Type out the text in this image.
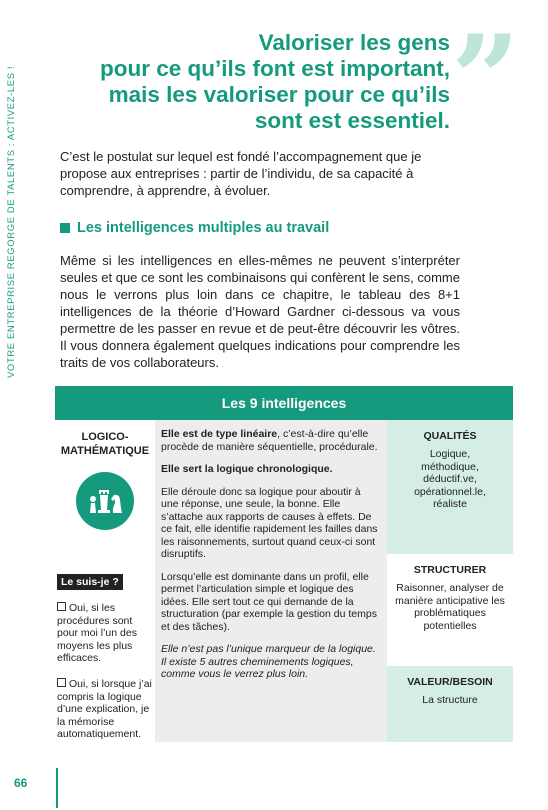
VOTRE ENTREPRISE REGORGE DE TALENTS : ACTIVEZ-LES !	”
Valoriser les gens
pour ce qu’ils font est important,
mais les valoriser pour ce qu’ils
sont est essentiel.
C’est le postulat sur lequel est fondé l’accompagnement que je propose aux entreprises : partir de l’individu, de sa capacité à comprendre, à apprendre, à évoluer.
Les intelligences multiples au travail
Même si les intelligences en elles-mêmes ne peuvent s’interpréter seules et que ce sont les combinaisons qui confèrent le sens, comme nous le verrons plus loin dans ce chapitre, le tableau des 8+1 intelligences de la théorie d’Howard Gardner ci-dessous va vous permettre de les passer en revue et de peut-être découvrir les vôtres. Il vous donnera également quelques indications pour comprendre les traits de vos collaborateurs.
Les 9 intelligences
LOGICO-
MATHÉMATIQUE
Le suis-je ?
Oui, si les procédures sont pour moi l’un des moyens les plus efficaces.
Oui, si lorsque j’ai compris la logique d’une explication, je la mémorise automatiquement.

Elle est de type linéaire, c’est-à-dire qu’elle procède de manière séquentielle, procédurale.

Elle sert la logique chronologique.

Elle déroule donc sa logique pour aboutir à une réponse, une seule, la bonne. Elle s’attache aux rapports de causes à effets. De ce fait, elle identifie rapidement les failles dans les raisonnements, surtout quand ceux-ci sont disruptifs.

Lorsqu’elle est dominante dans un profil, elle permet l’articulation simple et logique des idées. Elle sert tout ce qui demande de la structuration (par exemple la gestion du temps et des tâches).

Elle n’est pas l’unique marqueur de la logique. Il existe 5 autres cheminements logiques, comme vous le verrez plus loin.

QUALITÉS
Logique,
méthodique,
déductif.ve,
opérationnel.le,
réaliste
STRUCTURER
Raisonner, analyser de manière anticipative les problématiques potentielles
VALEUR/BESOIN
La structure
66
